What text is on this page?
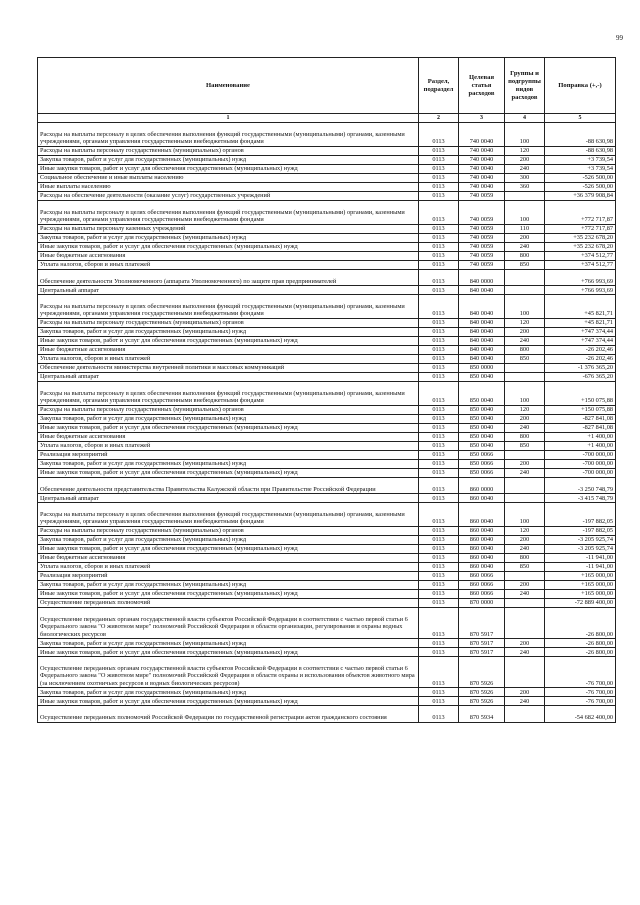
99
Наименование	Раздел, подраздел	Целевая статья расходов	Группы и подгруппы видов расходов	Поправка (+,-)
1	2	3	4	5
Расходы на выплаты персоналу в целях обеспечения выполнения функций государственными (муниципальными) органами, казенными учреждениями, органами управления государственными внебюджетными фондами	0113	740 0040	100	-88 630,98
Расходы на выплаты персоналу государственных (муниципальных) органов	0113	740 0040	120	-88 630,98
Закупка товаров, работ и услуг для государственных (муниципальных) нужд	0113	740 0040	200	+3 739,54
Иные закупки товаров, работ и услуг для обеспечения государственных (муниципальных) нужд	0113	740 0040	240	+3 739,54
Социальное обеспечение и иные выплаты населению	0113	740 0040	300	-526 500,00
Иные выплаты населению	0113	740 0040	360	-526 500,00
Расходы на обеспечение деятельности (оказание услуг) государственных учреждений	0113	740 0059		+36 379 908,84
Расходы на выплаты персоналу в целях обеспечения выполнения функций государственными (муниципальными) органами, казенными учреждениями, органами управления государственными внебюджетными фондами	0113	740 0059	100	+772 717,87
Расходы на выплаты персоналу казенных учреждений	0113	740 0059	110	+772 717,87
Закупка товаров, работ и услуг для государственных (муниципальных) нужд	0113	740 0059	200	+35 232 678,20
Иные закупки товаров, работ и услуг для обеспечения государственных (муниципальных) нужд	0113	740 0059	240	+35 232 678,20
Иные бюджетные ассигнования	0113	740 0059	800	+374 512,77
Уплата налогов, сборов и иных платежей	0113	740 0059	850	+374 512,77
Обеспечение деятельности Уполномоченного (аппарата Уполномоченного) по защите прав предпринимателей	0113	840 0000		+766 993,69
Центральный аппарат	0113	840 0040		+766 993,69
Расходы на выплаты персоналу в целях обеспечения выполнения функций государственными (муниципальными) органами, казенными учреждениями, органами управления государственными внебюджетными фондами	0113	840 0040	100	+45 821,71
Расходы на выплаты персоналу государственных (муниципальных) органов	0113	840 0040	120	+45 821,71
Закупка товаров, работ и услуг для государственных (муниципальных) нужд	0113	840 0040	200	+747 374,44
Иные закупки товаров, работ и услуг для обеспечения государственных (муниципальных) нужд	0113	840 0040	240	+747 374,44
Иные бюджетные ассигнования	0113	840 0040	800	-26 202,46
Уплата налогов, сборов и иных платежей	0113	840 0040	850	-26 202,46
Обеспечение деятельности министерства внутренней политики и массовых коммуникаций	0113	850 0000		-1 376 365,20
Центральный аппарат	0113	850 0040		-676 365,20
Расходы на выплаты персоналу в целях обеспечения выполнения функций государственными (муниципальными) органами, казенными учреждениями, органами управления государственными внебюджетными фондами	0113	850 0040	100	+150 075,88
Расходы на выплаты персоналу государственных (муниципальных) органов	0113	850 0040	120	+150 075,88
Закупка товаров, работ и услуг для государственных (муниципальных) нужд	0113	850 0040	200	-827 841,08
Иные закупки товаров, работ и услуг для обеспечения государственных (муниципальных) нужд	0113	850 0040	240	-827 841,08
Иные бюджетные ассигнования	0113	850 0040	800	+1 400,00
Уплата налогов, сборов и иных платежей	0113	850 0040	850	+1 400,00
Реализация мероприятий	0113	850 0066		-700 000,00
Закупка товаров, работ и услуг для государственных (муниципальных) нужд	0113	850 0066	200	-700 000,00
Иные закупки товаров, работ и услуг для обеспечения государственных (муниципальных) нужд	0113	850 0066	240	-700 000,00
Обеспечение деятельности представительства Правительства Калужской области при Правительстве Российской Федерации	0113	860 0000		-3 250 748,79
Центральный аппарат	0113	860 0040		-3 415 748,79
Расходы на выплаты персоналу в целях обеспечения выполнения функций государственными (муниципальными) органами, казенными учреждениями, органами управления государственными внебюджетными фондами	0113	860 0040	100	-197 882,05
Расходы на выплаты персоналу государственных (муниципальных) органов	0113	860 0040	120	-197 882,05
Закупка товаров, работ и услуг для государственных (муниципальных) нужд	0113	860 0040	200	-3 205 925,74
Иные закупки товаров, работ и услуг для обеспечения государственных (муниципальных) нужд	0113	860 0040	240	-3 205 925,74
Иные бюджетные ассигнования	0113	860 0040	800	-11 941,00
Уплата налогов, сборов и иных платежей	0113	860 0040	850	-11 941,00
Реализация мероприятий	0113	860 0066		+165 000,00
Закупка товаров, работ и услуг для государственных (муниципальных) нужд	0113	860 0066	200	+165 000,00
Иные закупки товаров, работ и услуг для обеспечения государственных (муниципальных) нужд	0113	860 0066	240	+165 000,00
Осуществление переданных полномочий	0113	870 0000		-72 889 400,00
Осуществление переданных органам государственной власти субъектов Российской Федерации в соответствии с частью первой статьи 6 Федерального закона "О животном мире" полномочий Российской Федерации в области организации, регулирования и охраны водных биологических ресурсов	0113	870 5917		-26 800,00
Закупка товаров, работ и услуг для государственных (муниципальных) нужд	0113	870 5917	200	-26 800,00
Иные закупки товаров, работ и услуг для обеспечения государственных (муниципальных) нужд	0113	870 5917	240	-26 800,00
Осуществление переданных органам государственной власти субъектов Российской Федерации в соответствии с частью первой статьи 6 Федерального закона "О животном мире" полномочий Российской Федерации в области охраны и использования объектов животного мира (за исключением охотничьих ресурсов и водных биологических ресурсов)	0113	870 5926		-76 700,00
Закупка товаров, работ и услуг для государственных (муниципальных) нужд	0113	870 5926	200	-76 700,00
Иные закупки товаров, работ и услуг для обеспечения государственных (муниципальных) нужд	0113	870 5926	240	-76 700,00
Осуществление переданных полномочий Российской Федерации по государственной регистрации актов гражданского состояния	0113	870 5934		-54 682 400,00
